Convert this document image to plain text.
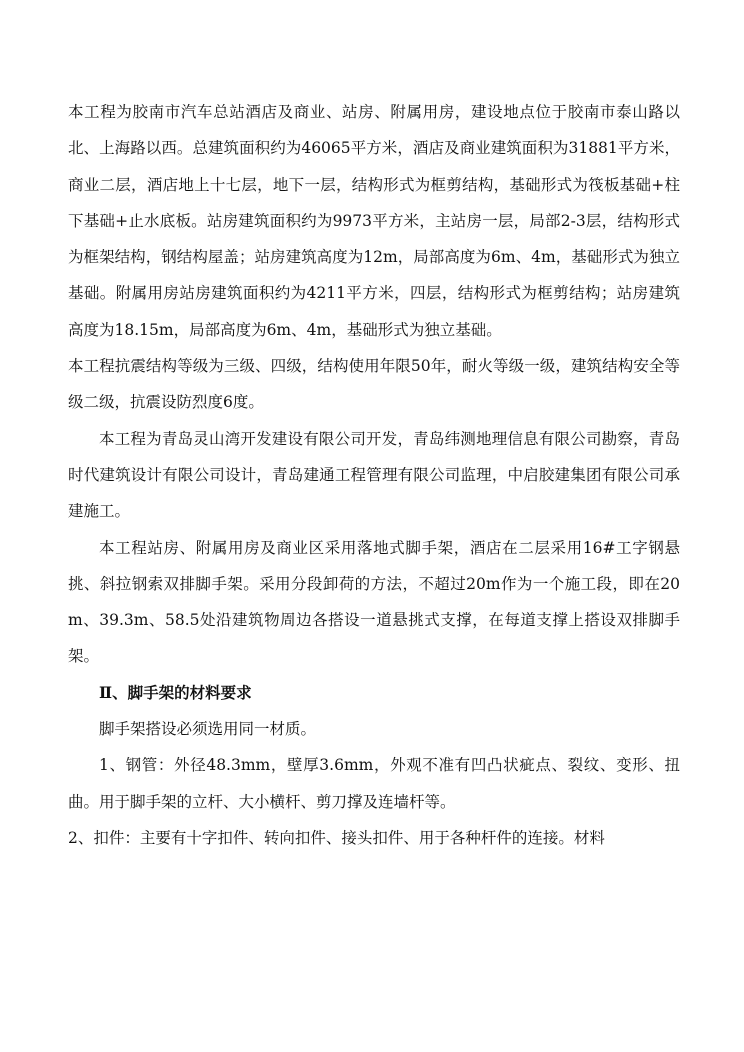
本工程为胶南市汽车总站酒店及商业、站房、附属用房，建设地点位于胶南市泰山路以北、上海路以西。总建筑面积约为46065平方米，酒店及商业建筑面积为31881平方米，商业二层，酒店地上十七层，地下一层，结构形式为框剪结构，基础形式为筏板基础+柱下基础+止水底板。站房建筑面积约为9973平方米，主站房一层，局部2-3层，结构形式为框架结构，钢结构屋盖；站房建筑高度为12m，局部高度为6m、4m，基础形式为独立基础。附属用房站房建筑面积约为4211平方米，四层，结构形式为框剪结构；站房建筑高度为18.15m，局部高度为6m、4m，基础形式为独立基础。

本工程抗震结构等级为三级、四级，结构使用年限50年，耐火等级一级，建筑结构安全等级二级，抗震设防烈度6度。

本工程为青岛灵山湾开发建设有限公司开发，青岛纬测地理信息有限公司勘察，青岛时代建筑设计有限公司设计，青岛建通工程管理有限公司监理，中启胶建集团有限公司承建施工。

本工程站房、附属用房及商业区采用落地式脚手架，酒店在二层采用16#工字钢悬挑、斜拉钢索双排脚手架。采用分段卸荷的方法，不超过20m作为一个施工段，即在20m、39.3m、58.5处沿建筑物周边各搭设一道悬挑式支撑，在每道支撑上搭设双排脚手架。

Ⅱ、脚手架的材料要求

脚手架搭设必须选用同一材质。

1、钢管：外径48.3mm，壁厚3.6mm，外观不准有凹凸状疵点、裂纹、变形、扭曲。用于脚手架的立杆、大小横杆、剪刀撑及连墙杆等。

2、扣件：主要有十字扣件、转向扣件、接头扣件、用于各种杆件的连接。材料
